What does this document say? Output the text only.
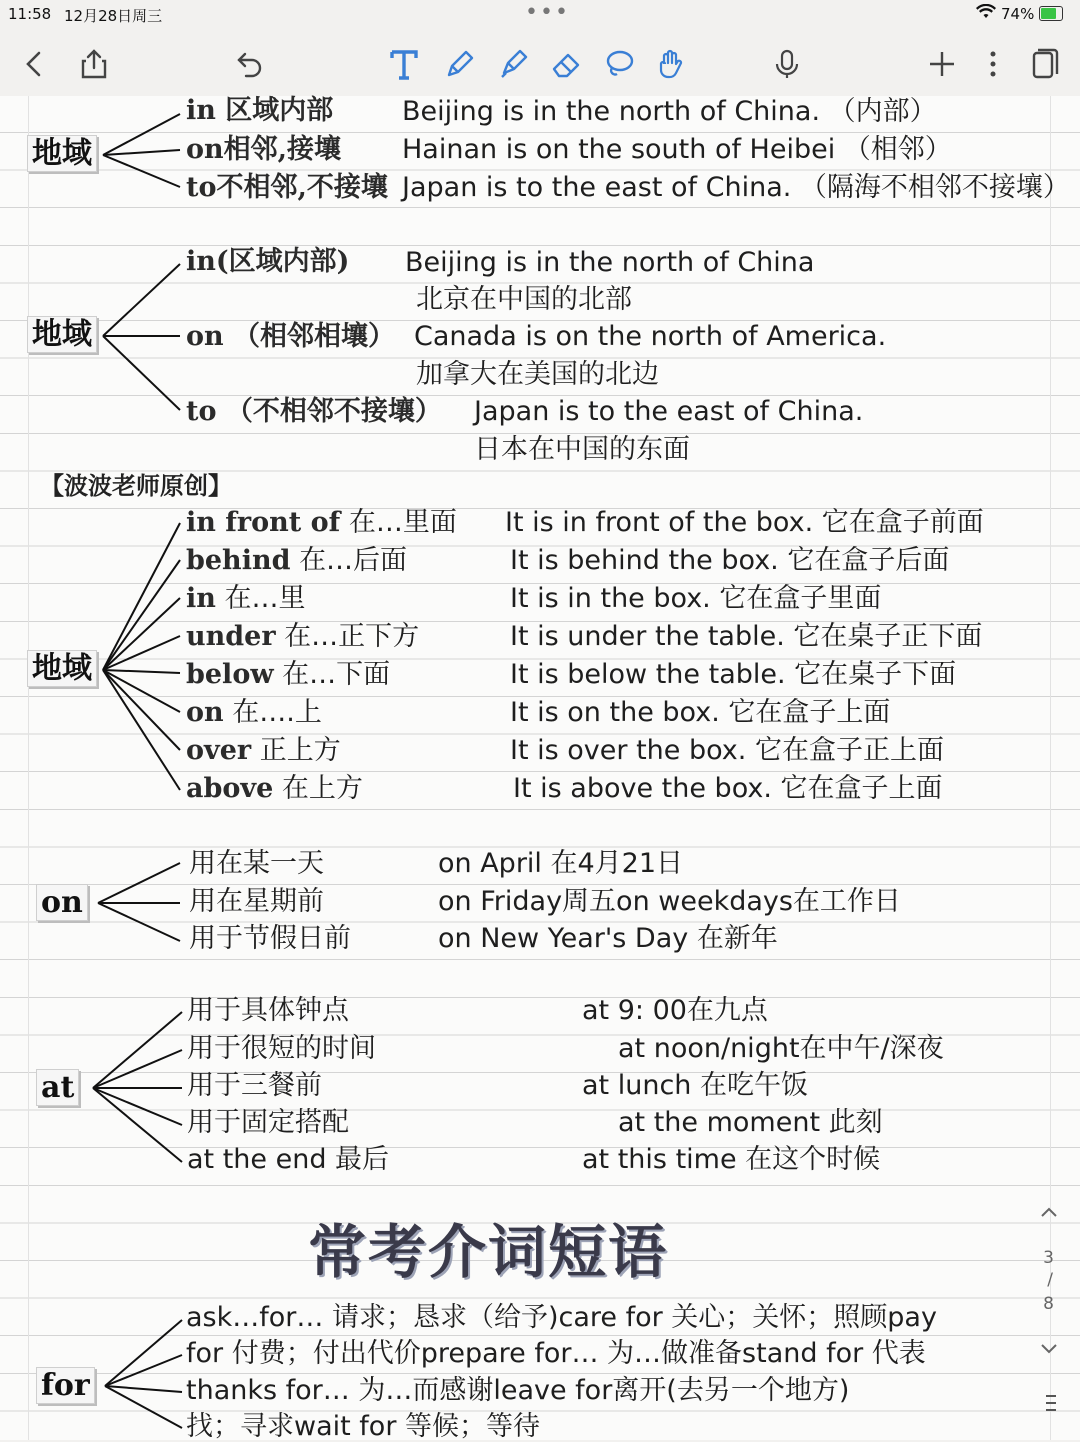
11:58 12月28日周三	•••	74%
地域
in 区域内部	Beijing is in the north of China. （内部）
on相邻,接壤 Hainan is on the south of Heibei （相邻）
to不相邻,不接壤 Japan is to the east of China. （隔海不相邻不接壤）
地域
in(区域内部) Beijing is in the north of China
北京在中国的北部
on （相邻相壤） Canada is on the north of America.
加拿大在美国的北边
to （不相邻不接壤） Japan is to the east of China.
日本在中国的东面
【波波老师原创】
地域
in front of 在…里面 It is in front of the box. 它在盒子前面
behind 在…后面	It is behind the box. 它在盒子后面
in 在…里	It is in the box. 它在盒子里面
under 在…正下方	It is under the table. 它在桌子正下面
below 在…下面	It is below the table. 它在桌子下面
on 在….上	It is on the box. 它在盒子上面
over 正上方	It is over the box. 它在盒子正上面
above 在上方	It is above the box. 它在盒子上面
on
用在某一天	on April 在4月21日
用在星期前	on Friday周五on weekdays在工作日
用于节假日前	on New Year's Day 在新年
at
用于具体钟点	at 9: 00在九点
用于很短的时间	at noon/night在中午/深夜
用于三餐前	at lunch 在吃午饭
用于固定搭配	at the moment 此刻
at the end 最后	at this time 在这个时候
常考介词短语
for
ask…for… 请求；恳求（给予)care for 关心；关怀；照顾pay
for 付费；付出代价prepare for… 为…做准备stand for 代表
thanks for… 为…而感谢leave for离开(去另一个地方)
找；寻求wait for 等候；等待
3
/
8
